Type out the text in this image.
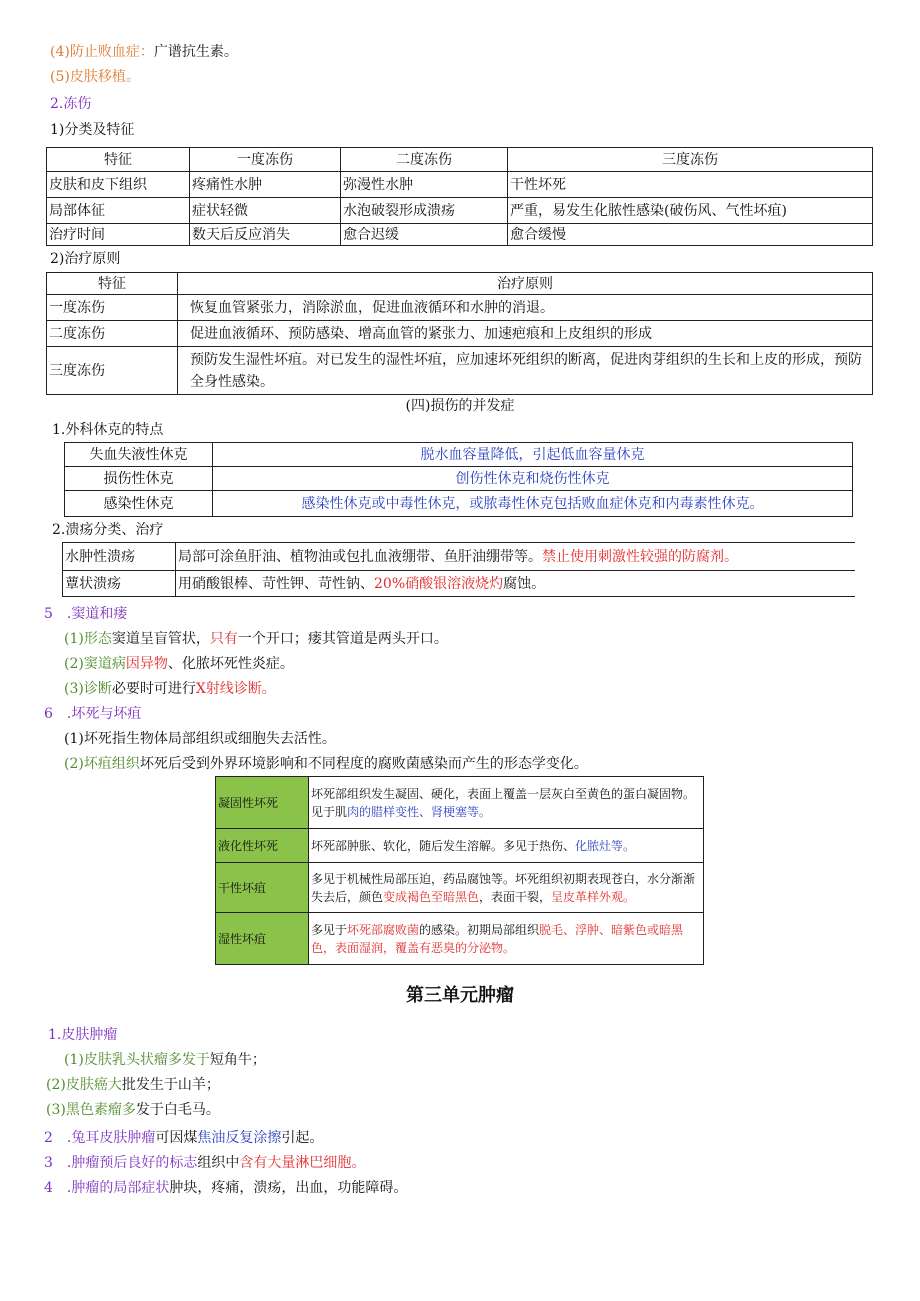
(4)防止败血症：广谱抗生素。
(5)皮肤移植。
2.冻伤
1)分类及特征
特征	一度冻伤	二度冻伤	三度冻伤
皮肤和皮下组织	疼痛性水肿	弥漫性水肿	干性坏死
局部体征	症状轻微	水泡破裂形成溃疡	严重，易发生化脓性感染(破伤风、气性坏疽)
治疗时间	数天后反应消失	愈合迟缓	愈合缓慢
2)治疗原则
特征	治疗原则
一度冻伤	恢复血管紧张力，消除淤血，促进血液循环和水肿的消退。
二度冻伤	促进血液循环、预防感染、增高血管的紧张力、加速疤痕和上皮组织的形成
三度冻伤	预防发生湿性坏疽。对已发生的湿性坏疽，应加速坏死组织的断离，促进肉芽组织的生长和上皮的形成，预防全身性感染。
(四)损伤的并发症
1.外科休克的特点
失血失液性休克	脱水血容量降低，引起低血容量休克
损伤性休克	创伤性休克和烧伤性休克
感染性休克	感染性休克或中毒性休克，或脓毒性休克包括败血症休克和内毒素性休克。
2.溃疡分类、治疗
水肿性溃疡	局部可涂鱼肝油、植物油或包扎血液绷带、鱼肝油绷带等。禁止使用刺激性较强的防腐剂。
蕈状溃疡	用硝酸银棒、苛性钾、苛性钠、20%硝酸银溶液烧灼腐蚀。
5 .窦道和瘘
(1)形态窦道呈盲管状，只有一个开口；瘘其管道是两头开口。
(2)窦道病因异物、化脓坏死性炎症。
(3)诊断必要时可进行X射线诊断。
6 .坏死与坏疽
(1)坏死指生物体局部组织或细胞失去活性。
(2)坏疽组织坏死后受到外界环境影响和不同程度的腐败菌感染而产生的形态学变化。
凝固性坏死	坏死部组织发生凝固、硬化，表面上覆盖一层灰白至黄色的蛋白凝固物。见于肌肉的腊样变性、肾梗塞等。
液化性坏死	坏死部肿胀、软化，随后发生溶解。多见于热伤、化脓灶等。
干性坏疽	多见于机械性局部压迫，药品腐蚀等。坏死组织初期表现苍白，水分渐渐失去后，颜色变成褐色至暗黑色，表面干裂，呈皮革样外观。
湿性坏疽	多见于坏死部腐败菌的感染。初期局部组织脱毛、浮肿、暗紫色或暗黑色，表面湿润，覆盖有恶臭的分泌物。
第三单元肿瘤
1.皮肤肿瘤
(1)皮肤乳头状瘤多发于短角牛；
(2)皮肤癌大批发生于山羊；
(3)黑色素瘤多发于白毛马。
2 .兔耳皮肤肿瘤可因煤焦油反复涂擦引起。
3 .肿瘤预后良好的标志组织中含有大量淋巴细胞。
4 .肿瘤的局部症状肿块，疼痛，溃疡，出血，功能障碍。
